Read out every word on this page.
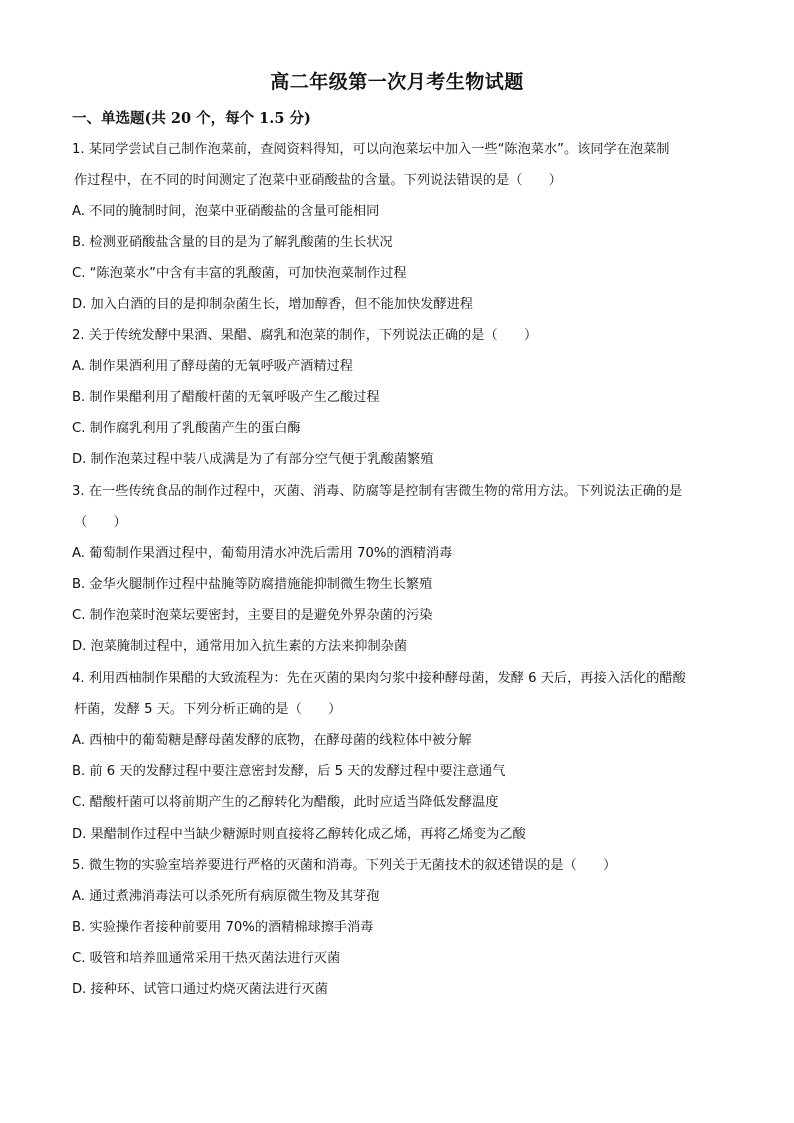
高二年级第一次月考生物试题
一、单选题(共 20 个，每个 1.5 分)
1. 某同学尝试自己制作泡菜前，查阅资料得知，可以向泡菜坛中加入一些“陈泡菜水”。该同学在泡菜制
作过程中，在不同的时间测定了泡菜中亚硝酸盐的含量。下列说法错误的是（　　）
A. 不同的腌制时间，泡菜中亚硝酸盐的含量可能相同
B. 检测亚硝酸盐含量的目的是为了解乳酸菌的生长状况
C. “陈泡菜水”中含有丰富的乳酸菌，可加快泡菜制作过程
D. 加入白酒的目的是抑制杂菌生长，增加醇香，但不能加快发酵进程
2. 关于传统发酵中果酒、果醋、腐乳和泡菜的制作，下列说法正确的是（　　）
A. 制作果酒利用了酵母菌的无氧呼吸产酒精过程
B. 制作果醋利用了醋酸杆菌的无氧呼吸产生乙酸过程
C. 制作腐乳利用了乳酸菌产生的蛋白酶
D. 制作泡菜过程中装八成满是为了有部分空气便于乳酸菌繁殖
3. 在一些传统食品的制作过程中，灭菌、消毒、防腐等是控制有害微生物的常用方法。下列说法正确的是
（　　）
A. 葡萄制作果酒过程中，葡萄用清水冲洗后需用 70%的酒精消毒
B. 金华火腿制作过程中盐腌等防腐措施能抑制微生物生长繁殖
C. 制作泡菜时泡菜坛要密封，主要目的是避免外界杂菌的污染
D. 泡菜腌制过程中，通常用加入抗生素的方法来抑制杂菌
4. 利用西柚制作果醋的大致流程为：先在灭菌的果肉匀浆中接种酵母菌，发酵 6 天后，再接入活化的醋酸
杆菌，发酵 5 天。下列分析正确的是（　　）
A. 西柚中的葡萄糖是酵母菌发酵的底物，在酵母菌的线粒体中被分解
B. 前 6 天的发酵过程中要注意密封发酵，后 5 天的发酵过程中要注意通气
C. 醋酸杆菌可以将前期产生的乙醇转化为醋酸，此时应适当降低发酵温度
D. 果醋制作过程中当缺少糖源时则直接将乙醇转化成乙烯，再将乙烯变为乙酸
5. 微生物的实验室培养要进行严格的灭菌和消毒。下列关于无菌技术的叙述错误的是（　　）
A. 通过煮沸消毒法可以杀死所有病原微生物及其芽孢
B. 实验操作者接种前要用 70%的酒精棉球擦手消毒
C. 吸管和培养皿通常采用干热灭菌法进行灭菌
D. 接种环、试管口通过灼烧灭菌法进行灭菌
